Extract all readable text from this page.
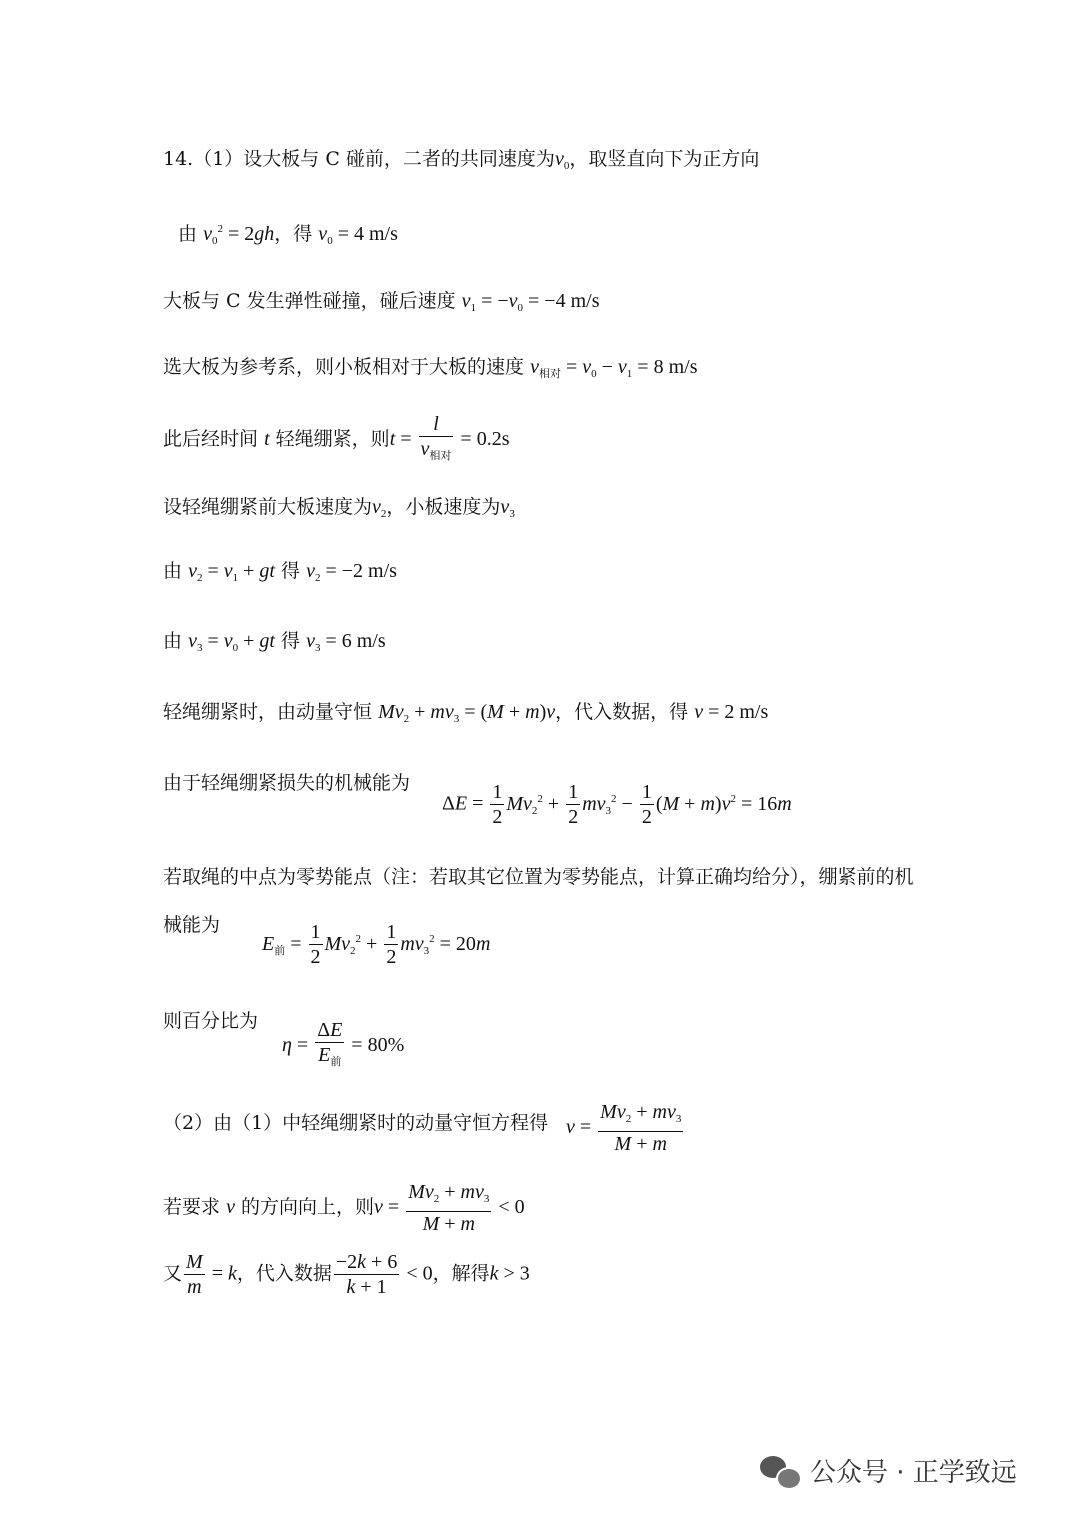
14.（1）设大板与 C 碰前，二者的共同速度为$v_0$，取竖直向下为正方向
由 $v_0^2 = 2gh$，得 $v_0 = 4$ m/s
大板与 C 发生弹性碰撞，碰后速度 $v_1 = -v_0 = -4$ m/s
选大板为参考系，则小板相对于大板的速度 $v_{相对} = v_0 - v_1 = 8$ m/s
此后经时间 t 轻绳绷紧，则$t = \frac{l}{v_{相对}} = 0.2s$
设轻绳绷紧前大板速度为$v_2$，小板速度为$v_3$
由 $v_2 = v_1$ + gt 得 $v_2 = -2$ m/s
由 $v_3 = v_0$ + gt 得 $v_3 = 6$ m/s
轻绳绷紧时，由动量守恒 $Mv_2 + mv_3 = (M + m)v$，代入数据，得 v = 2 m/s
由于轻绳绷紧损失的机械能为
$\Delta E = \frac{1}{2} Mv_2^2 + \frac{1}{2} mv_3^2 - \frac{1}{2} (M + m)v^2 = 16m$
若取绳的中点为零势能点（注：若取其它位置为零势能点，计算正确均给分），绷紧前的机
械能为
$E_前 = \frac{1}{2} Mv_2^2 + \frac{1}{2} mv_3^2 = 20m$
则百分比为
$\eta = \frac{\Delta E}{E_前} = 80\%$
（2）由（1）中轻绳绷紧时的动量守恒方程得 $v = \frac{Mv_2 + mv_3}{M + m}$
若要求 v 的方向向上，则$v = \frac{Mv_2 + mv_3}{M + m} < 0$
又 $\frac{M}{m} = k$，代入数据 $\frac{-2k + 6}{k + 1} < 0$，解得k > 3
公众号 · 正学致远
